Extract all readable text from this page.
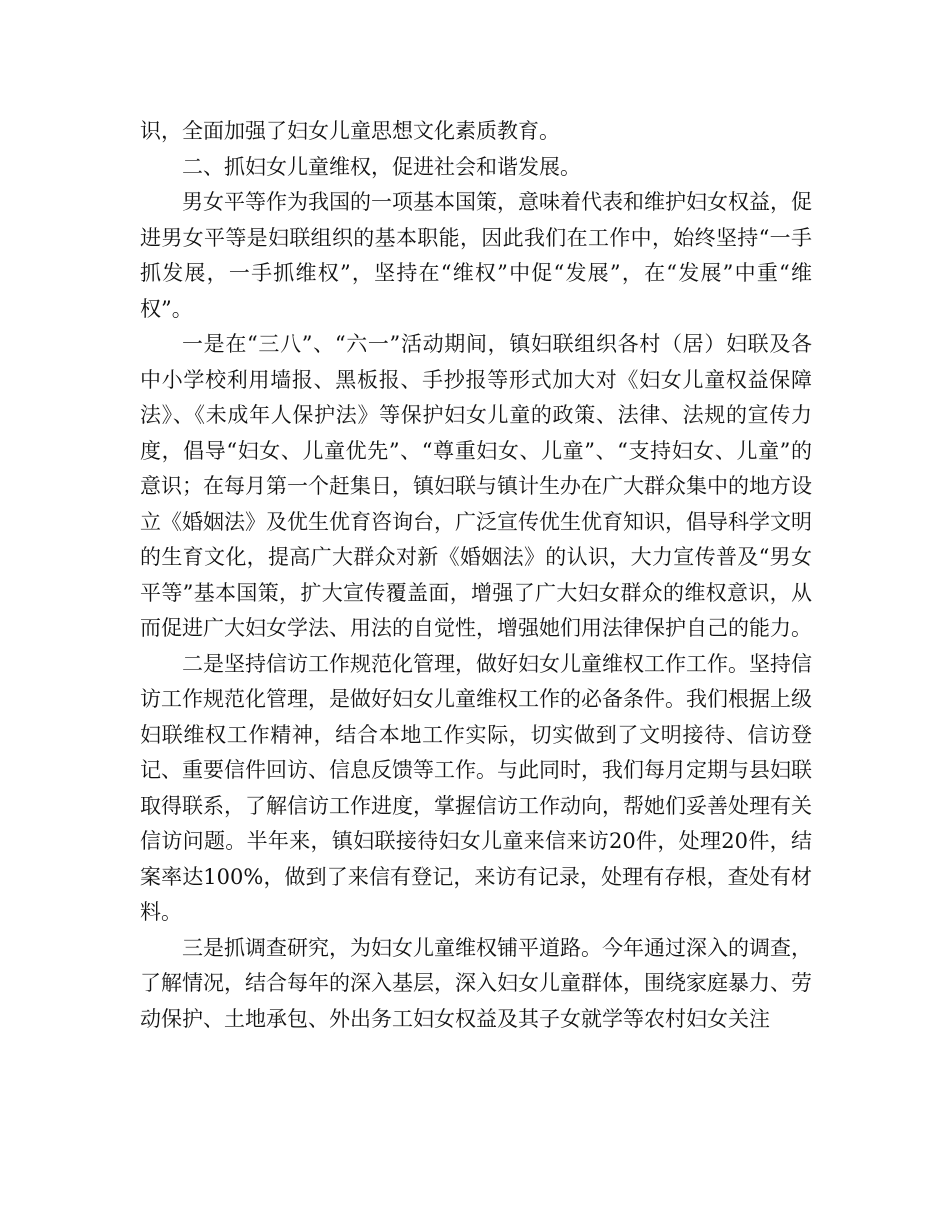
识，全面加强了妇女儿童思想文化素质教育。

二、抓妇女儿童维权，促进社会和谐发展。

男女平等作为我国的一项基本国策，意味着代表和维护妇女权益，促进男女平等是妇联组织的基本职能，因此我们在工作中，始终坚持“一手抓发展，一手抓维权”，坚持在“维权”中促“发展”，在“发展”中重“维权”。

一是在“三八”、“六一”活动期间，镇妇联组织各村（居）妇联及各中小学校利用墙报、黑板报、手抄报等形式加大对《妇女儿童权益保障法》、《未成年人保护法》等保护妇女儿童的政策、法律、法规的宣传力度，倡导“妇女、儿童优先”、“尊重妇女、儿童”、“支持妇女、儿童”的意识；在每月第一个赶集日，镇妇联与镇计生办在广大群众集中的地方设立《婚姻法》及优生优育咨询台，广泛宣传优生优育知识，倡导科学文明的生育文化，提高广大群众对新《婚姻法》的认识，大力宣传普及“男女平等”基本国策，扩大宣传覆盖面，增强了广大妇女群众的维权意识，从而促进广大妇女学法、用法的自觉性，增强她们用法律保护自己的能力。

二是坚持信访工作规范化管理，做好妇女儿童维权工作工作。坚持信访工作规范化管理，是做好妇女儿童维权工作的必备条件。我们根据上级妇联维权工作精神，结合本地工作实际，切实做到了文明接待、信访登记、重要信件回访、信息反馈等工作。与此同时，我们每月定期与县妇联取得联系，了解信访工作进度，掌握信访工作动向，帮她们妥善处理有关信访问题。半年来，镇妇联接待妇女儿童来信来访20件，处理20件，结案率达100%，做到了来信有登记，来访有记录，处理有存根，查处有材料。

三是抓调查研究，为妇女儿童维权铺平道路。今年通过深入的调查，了解情况，结合每年的深入基层，深入妇女儿童群体，围绕家庭暴力、劳动保护、土地承包、外出务工妇女权益及其子女就学等农村妇女关注
